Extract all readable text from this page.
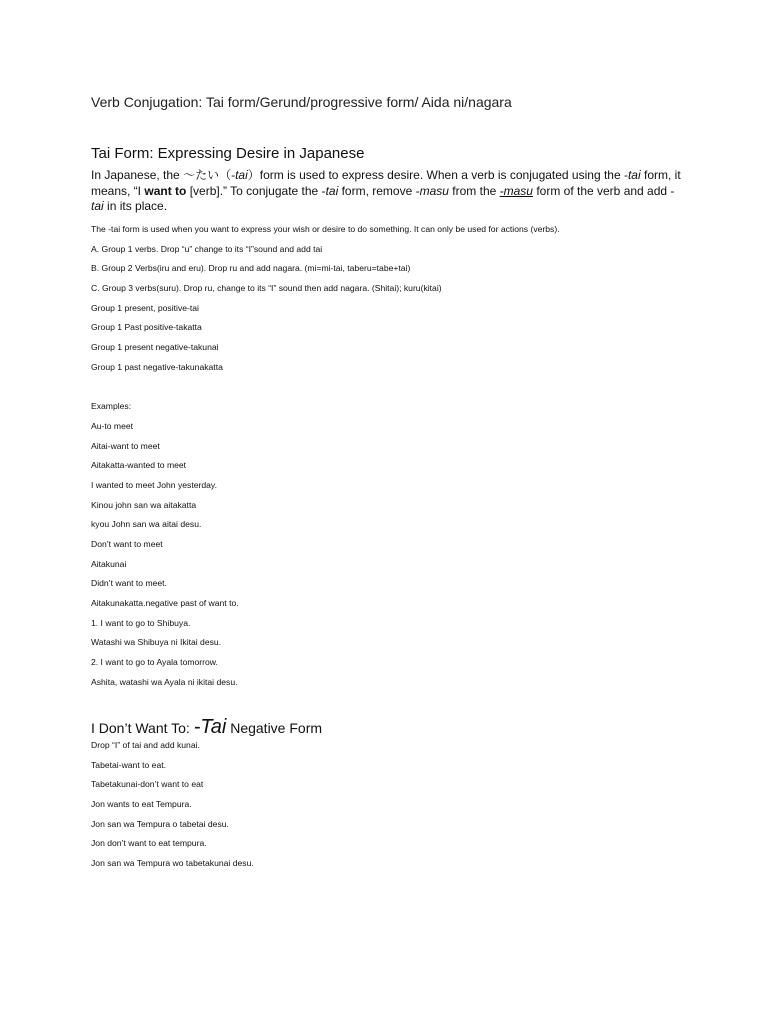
Verb Conjugation: Tai form/Gerund/progressive form/ Aida ni/nagara
Tai Form: Expressing Desire in Japanese
In Japanese, the 〜たい（-tai）form is used to express desire. When a verb is conjugated using the -tai form, it means, “I want to [verb].” To conjugate the -tai form, remove -masu from the -masu form of the verb and add -tai in its place.
The -tai form is used when you want to express your wish or desire to do something. It can only be used for actions (verbs).
A. Group 1 verbs. Drop “u” change to its “I”sound and add tai
B. Group 2 Verbs(iru and eru). Drop ru and add nagara. (mi=mi-tai, taberu=tabe+tai)
C. Group 3 verbs(suru). Drop ru, change to its “I” sound then add nagara. (Shitai); kuru(kitai)
Group 1 present, positive-tai
Group 1 Past positive-takatta
Group 1 present negative-takunai
Group 1 past negative-takunakatta
Examples:
Au-to meet
Aitai-want to meet
Aitakatta-wanted to meet
I wanted to meet John yesterday.
Kinou john san wa aitakatta
kyou John san wa aitai desu.
Don’t want to meet
Aitakunai
Didn’t want to meet.
Aitakunakatta.negative past of want to.
1. I want to go to Shibuya.
Watashi wa Shibuya ni Ikitai desu.
2. I want to go to Ayala tomorrow.
Ashita, watashi wa Ayala ni ikitai desu.
I Don’t Want To: -Tai Negative Form
Drop “I” of tai and add kunai.
Tabetai-want to eat.
Tabetakunai-don’t want to eat
Jon wants to eat Tempura.
Jon san wa Tempura o tabetai desu.
Jon don’t want to eat tempura.
Jon san wa Tempura wo tabetakunai desu.
